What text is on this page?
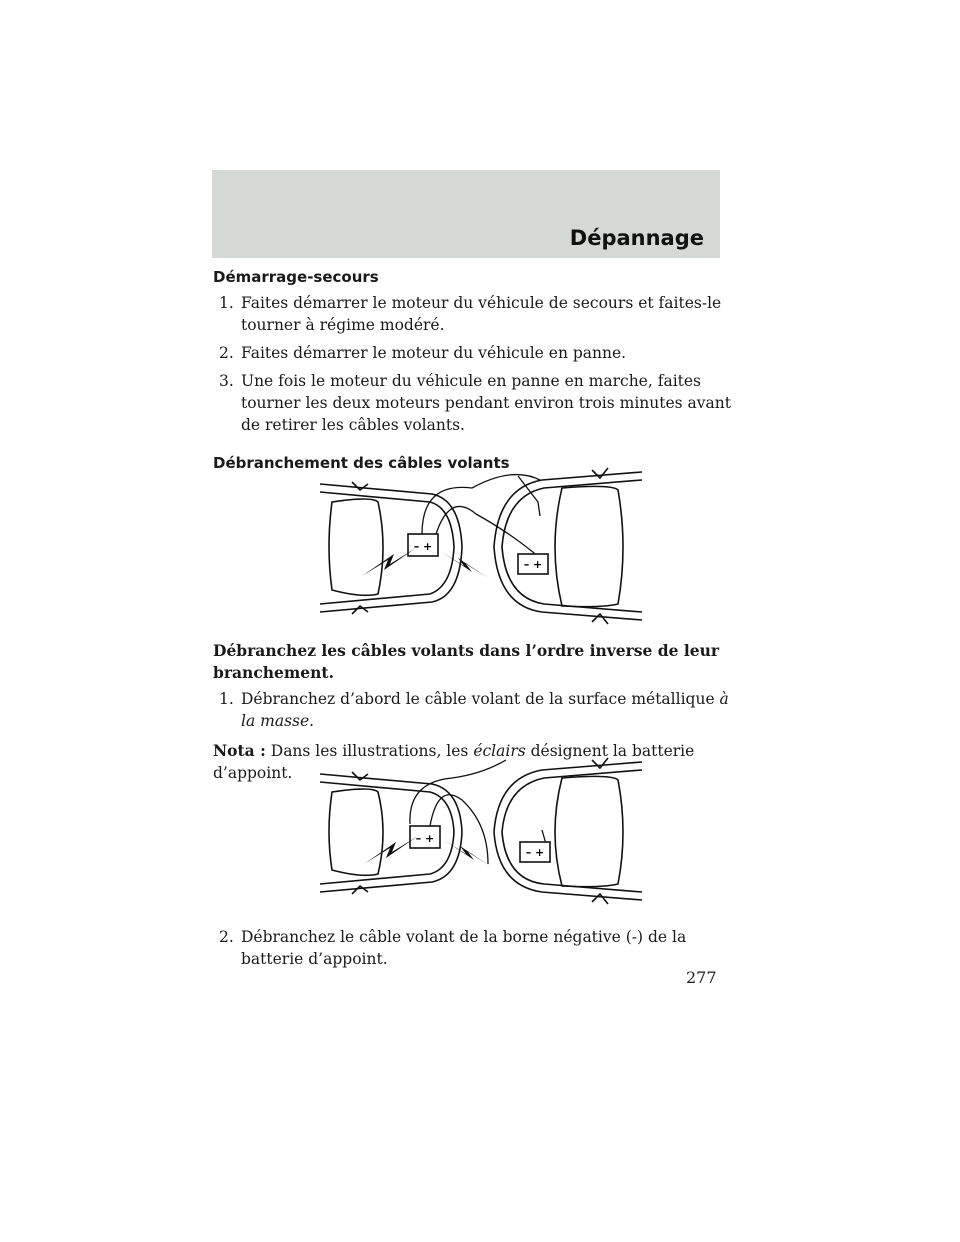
Dépannage

Démarrage-secours

1. Faites démarrer le moteur du véhicule de secours et faites-le tourner à régime modéré.

2. Faites démarrer le moteur du véhicule en panne.

3. Une fois le moteur du véhicule en panne en marche, faites tourner les deux moteurs pendant environ trois minutes avant de retirer les câbles volants.

Débranchement des câbles volants

– +
– +

Débranchez les câbles volants dans l’ordre inverse de leur branchement.

1. Débranchez d’abord le câble volant de la surface métallique à la masse.

Nota : Dans les illustrations, les éclairs désignent la batterie d’appoint.

– +
– +

2. Débranchez le câble volant de la borne négative (-) de la batterie d’appoint.

277
